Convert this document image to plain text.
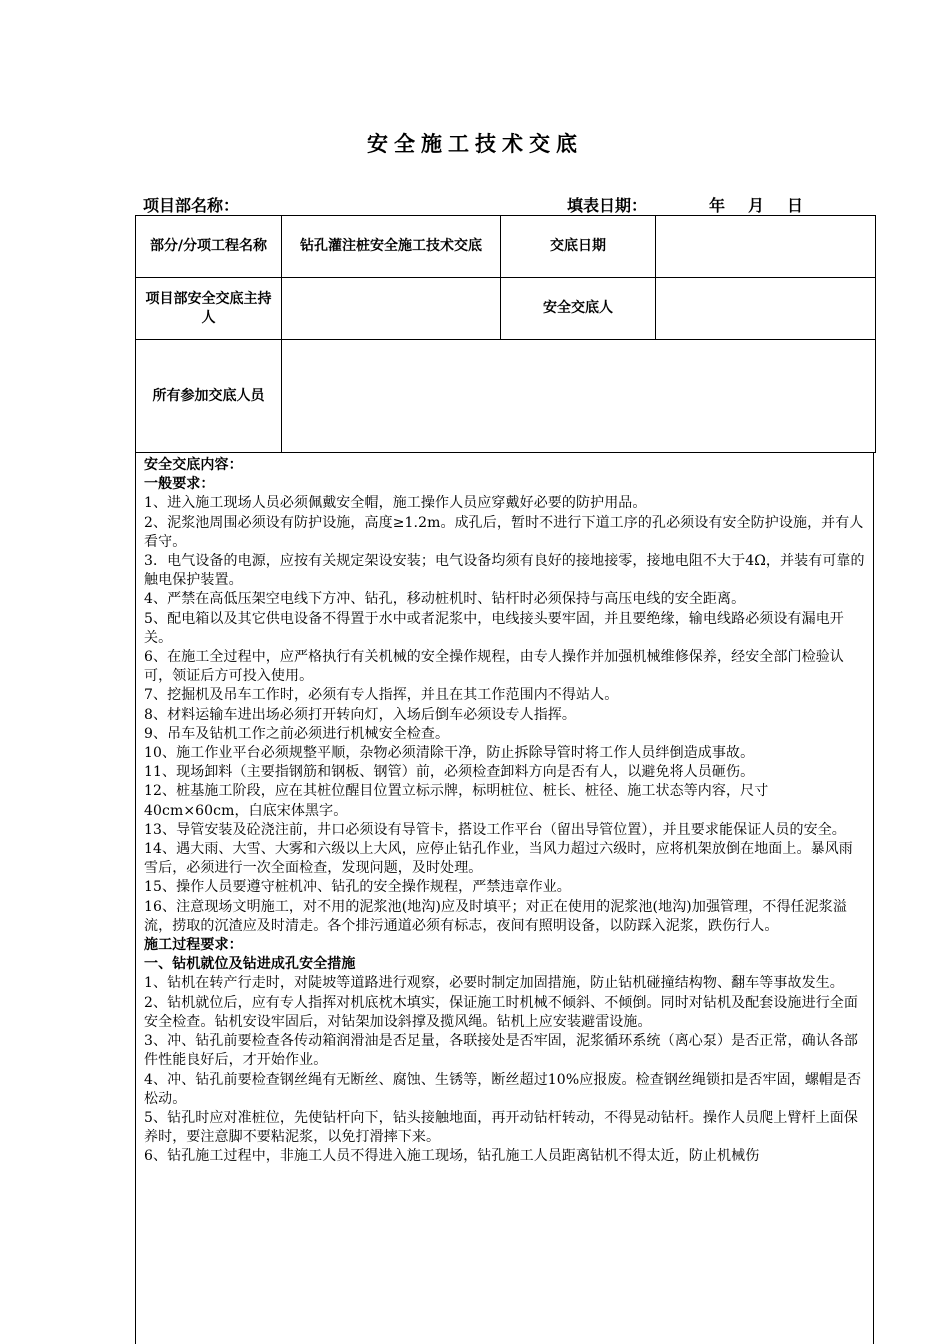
安全施工技术交底
项目部名称：	填表日期：	年 月 日
部分/分项工程名称	钻孔灌注桩安全施工技术交底	交底日期	
项目部安全交底主持人		安全交底人	
所有参加交底人员			

安全交底内容：

一般要求：

1、进入施工现场人员必须佩戴安全帽，施工操作人员应穿戴好必要的防护用品。

2、泥浆池周围必须设有防护设施，高度≥1.2m。成孔后，暂时不进行下道工序的孔必须设有安全防护设施，并有人看守。

3．电气设备的电源，应按有关规定架设安装；电气设备均须有良好的接地接零，接地电阻不大于4Ω，并装有可靠的触电保护装置。

4、严禁在高低压架空电线下方冲、钻孔，移动桩机时、钻杆时必须保持与高压电线的安全距离。

5、配电箱以及其它供电设备不得置于水中或者泥浆中，电线接头要牢固，并且要绝缘，输电线路必须设有漏电开关。

6、在施工全过程中，应严格执行有关机械的安全操作规程，由专人操作并加强机械维修保养，经安全部门检验认可，领证后方可投入使用。

7、挖掘机及吊车工作时，必须有专人指挥，并且在其工作范围内不得站人。

8、材料运输车进出场必须打开转向灯，入场后倒车必须设专人指挥。

9、吊车及钻机工作之前必须进行机械安全检查。

10、施工作业平台必须规整平顺，杂物必须清除干净，防止拆除导管时将工作人员绊倒造成事故。

11、现场卸料（主要指钢筋和钢板、钢管）前，必须检查卸料方向是否有人，以避免将人员砸伤。

12、桩基施工阶段，应在其桩位醒目位置立标示牌，标明桩位、桩长、桩径、施工状态等内容，尺寸40cm×60cm，白底宋体黑字。

13、导管安装及砼浇注前，井口必须设有导管卡，搭设工作平台（留出导管位置），并且要求能保证人员的安全。

14、遇大雨、大雪、大雾和六级以上大风，应停止钻孔作业，当风力超过六级时，应将机架放倒在地面上。暴风雨雪后，必须进行一次全面检查，发现问题，及时处理。

15、操作人员要遵守桩机冲、钻孔的安全操作规程，严禁违章作业。

16、注意现场文明施工，对不用的泥浆池(地沟)应及时填平；对正在使用的泥浆池(地沟)加强管理，不得任泥浆溢流，捞取的沉渣应及时清走。各个排污通道必须有标志，夜间有照明设备，以防踩入泥浆，跌伤行人。

施工过程要求：

一、钻机就位及钻进成孔安全措施

1、钻机在转产行走时，对陡坡等道路进行观察，必要时制定加固措施，防止钻机碰撞结构物、翻车等事故发生。

2、钻机就位后，应有专人指挥对机底枕木填实，保证施工时机械不倾斜、不倾倒。同时对钻机及配套设施进行全面安全检查。钻机安设牢固后，对钻架加设斜撑及揽风绳。钻机上应安装避雷设施。

3、冲、钻孔前要检查各传动箱润滑油是否足量，各联接处是否牢固，泥浆循环系统（离心泵）是否正常，确认各部件性能良好后，才开始作业。

4、冲、钻孔前要检查钢丝绳有无断丝、腐蚀、生锈等，断丝超过10%应报废。检查钢丝绳锁扣是否牢固，螺帽是否松动。

5、钻孔时应对准桩位，先使钻杆向下，钻头接触地面，再开动钻杆转动，不得晃动钻杆。操作人员爬上臂杆上面保养时，要注意脚不要粘泥浆，以免打滑摔下来。

6、钻孔施工过程中，非施工人员不得进入施工现场，钻孔施工人员距离钻机不得太近，防止机械伤
